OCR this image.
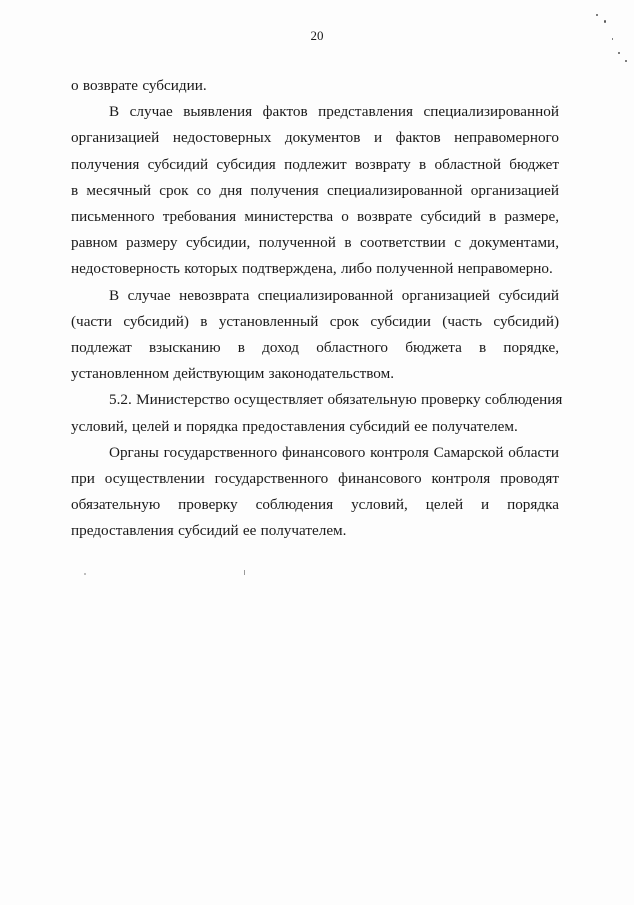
20
о возврате субсидии.
В случае выявления фактов представления специализированной
организацией недостоверных документов и фактов неправомерного
получения субсидий субсидия подлежит возврату в областной бюджет
в месячный срок со дня получения специализированной организацией
письменного требования министерства о возврате субсидий в размере,
равном размеру субсидии, полученной в соответствии с документами,
недостоверность которых подтверждена, либо полученной неправомерно.
В случае невозврата специализированной организацией субсидий
(части субсидий) в установленный срок субсидии (часть субсидий)
подлежат взысканию в доход областного бюджета в порядке,
установленном действующим законодательством.
5.2. Министерство осуществляет обязательную проверку соблюдения
условий, целей и порядка предоставления субсидий ее получателем.
Органы государственного финансового контроля Самарской области
при осуществлении государственного финансового контроля проводят
обязательную проверку соблюдения условий, целей и порядка
предоставления субсидий ее получателем.
